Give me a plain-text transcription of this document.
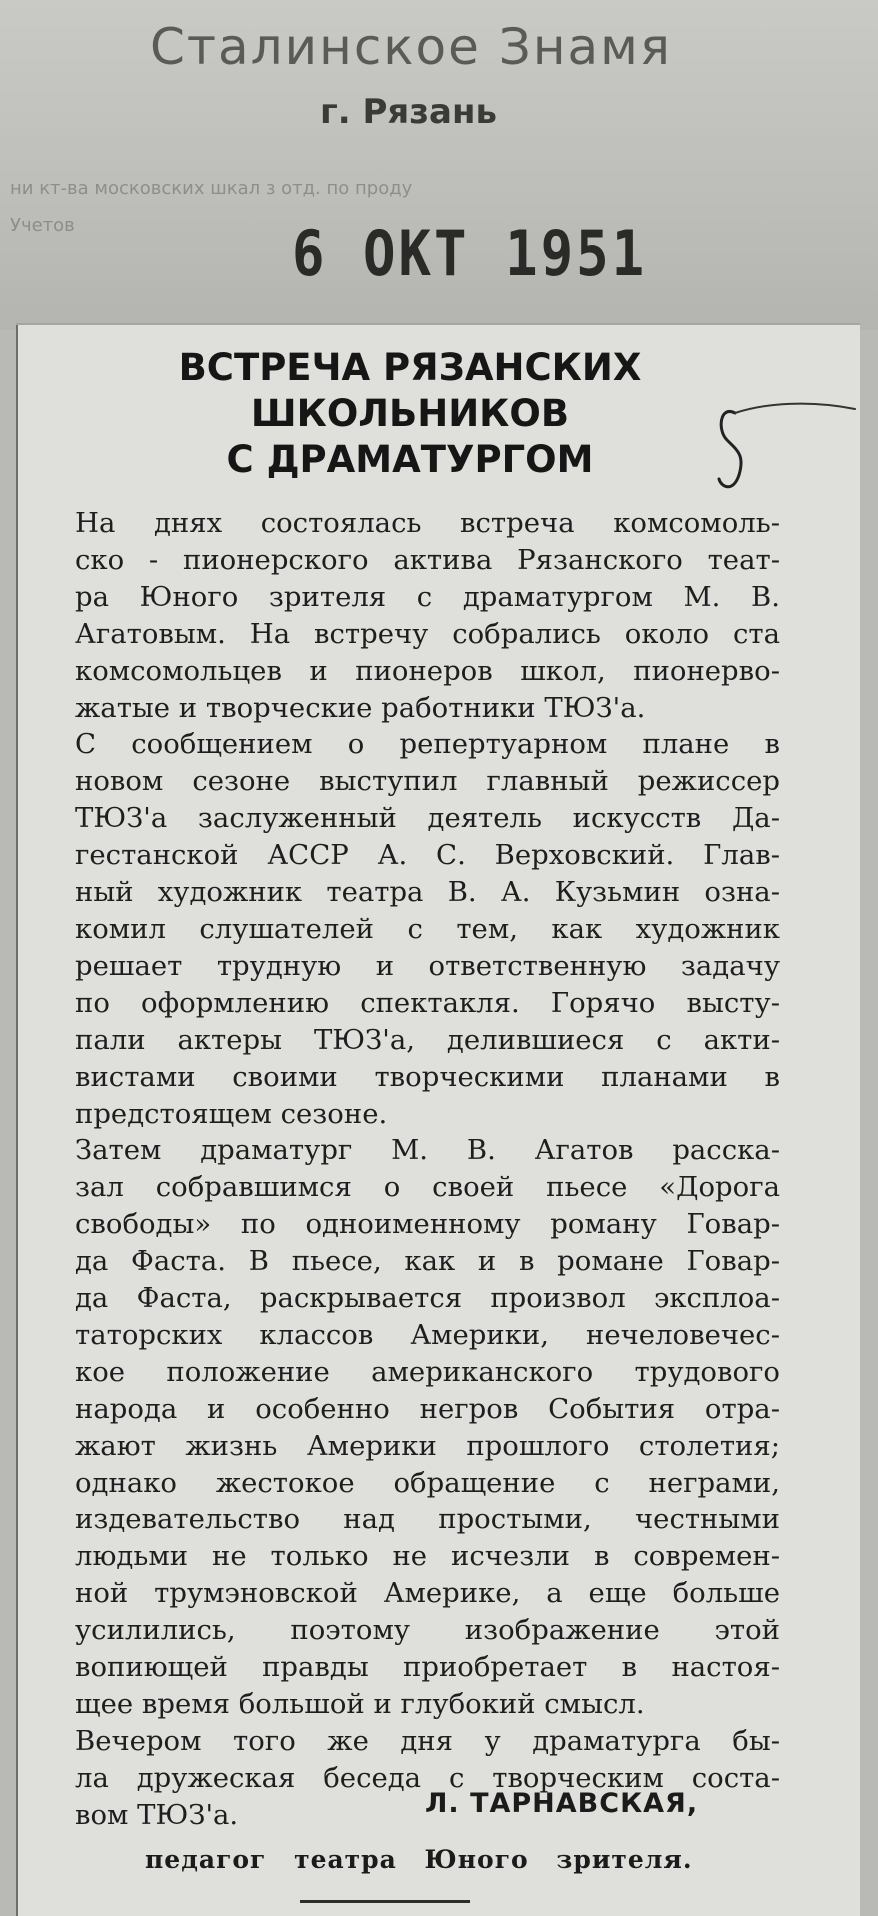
Сталинское Знамя
г. Рязань
ни кт-ва московских шкал з отд. по проду
Учетов	6 ОКТ 1951
ВСТРЕЧА РЯЗАНСКИХ
ШКОЛЬНИКОВ
С ДРАМАТУРГОМ
На днях состоялась встреча комсомоль-
ско - пионерского актива Рязанского теат-
ра Юного зрителя с драматургом М. В.
Агатовым. На встречу собрались около ста
комсомольцев и пионеров школ, пионерво-
жатые и творческие работники ТЮЗ'а.
С сообщением о репертуарном плане в
новом сезоне выступил главный режиссер
ТЮЗ'а заслуженный деятель искусств Да-
гестанской АССР А. С. Верховский. Глав-
ный художник театра В. А. Кузьмин озна-
комил слушателей с тем, как художник
решает трудную и ответственную задачу
по оформлению спектакля. Горячо высту-
пали актеры ТЮЗ'а, делившиеся с акти-
вистами своими творческими планами в
предстоящем сезоне.
Затем драматург М. В. Агатов расска-
зал собравшимся о своей пьесе «Дорога
свободы» по одноименному роману Говар-
да Фаста. В пьесе, как и в романе Говар-
да Фаста, раскрывается произвол эксплоа-
таторских классов Америки, нечеловечес-
кое положение американского трудового
народа и особенно негров События отра-
жают жизнь Америки прошлого столетия;
однако жестокое обращение с неграми,
издевательство над простыми, честными
людьми не только не исчезли в современ-
ной трумэновской Америке, а еще больше
усилились, поэтому изображение этой
вопиющей правды приобретает в настоя-
щее время большой и глубокий смысл.
Вечером того же дня у драматурга бы-
ла дружеская беседа с творческим соста-
вом ТЮЗ'а.	Л. ТАРНАВСКАЯ,
педагог театра Юного зрителя.
